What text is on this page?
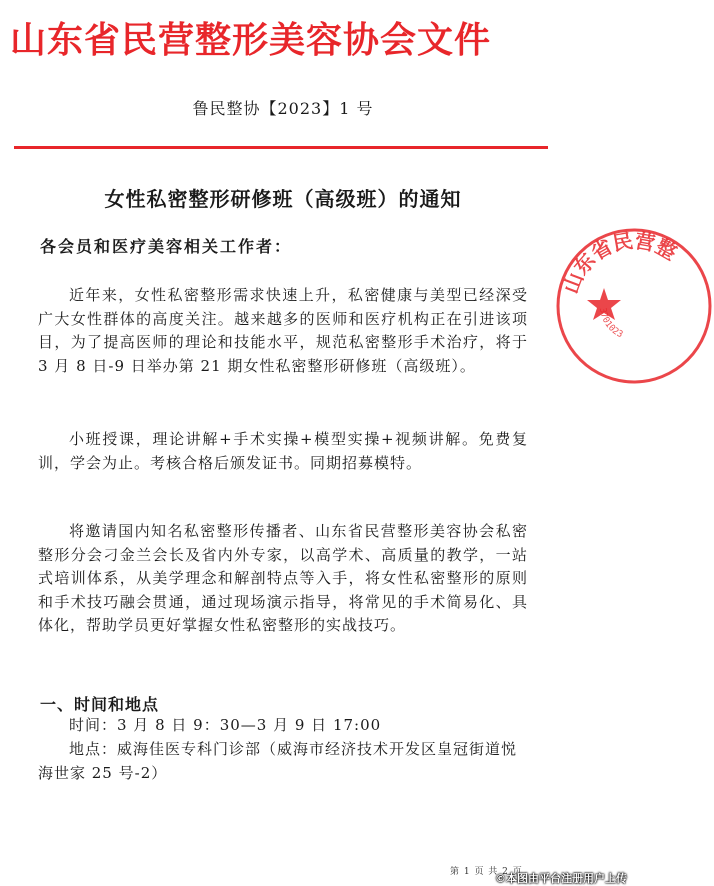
山东省民营整形美容协会文件
鲁民整协【2023】1 号
女性私密整形研修班（高级班）的通知
各会员和医疗美容相关工作者：

近年来，女性私密整形需求快速上升，私密健康与美型已经深受广大女性群体的高度关注。越来越多的医师和医疗机构正在引进该项目，为了提高医师的理论和技能水平，规范私密整形手术治疗，将于 3 月 8 日-9 日举办第 21 期女性私密整形研修班（高级班）。

小班授课，理论讲解+手术实操+模型实操+视频讲解。免费复训，学会为止。考核合格后颁发证书。同期招募模特。

将邀请国内知名私密整形传播者、山东省民营整形美容协会私密整形分会刁金兰会长及省内外专家，以高学术、高质量的教学，一站式培训体系，从美学理念和解剖特点等入手，将女性私密整形的原则和手术技巧融会贯通，通过现场演示指导，将常见的手术简易化、具体化，帮助学员更好掌握女性私密整形的实战技巧。

一、时间和地点

时间：3 月 8 日 9：30—3 月 9 日 17:00

地点：威海佳医专科门诊部（威海市经济技术开发区皇冠街道悦海世家 25 号-2）

山东省民营整
3701023
第 1 页 共 2 页
©本图由平台注册用户上传
